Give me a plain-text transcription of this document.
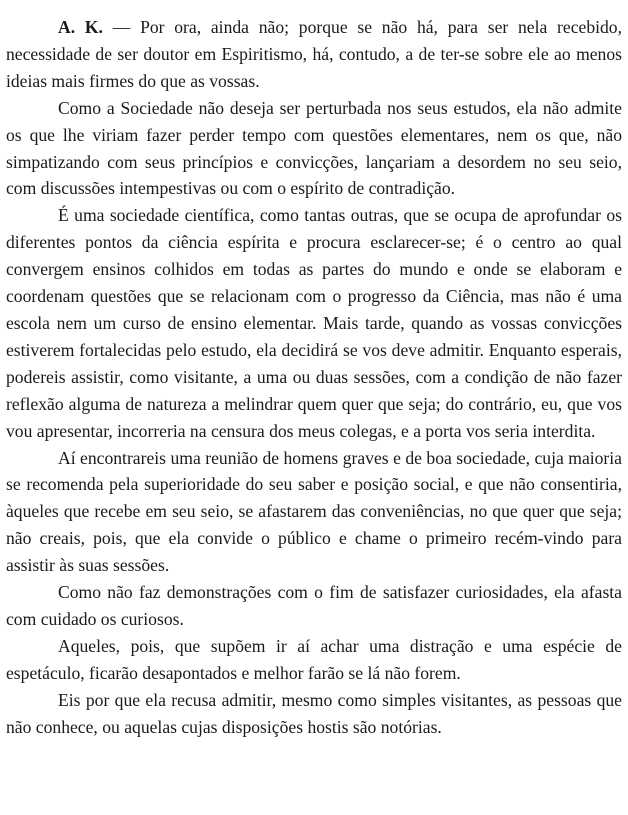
A. K. — Por ora, ainda não; porque se não há, para ser nela recebido, necessidade de ser doutor em Espiritismo, há, contudo, a de ter-se sobre ele ao menos ideias mais firmes do que as vossas.

Como a Sociedade não deseja ser perturbada nos seus estudos, ela não admite os que lhe viriam fazer perder tempo com questões elementares, nem os que, não simpatizando com seus princípios e convicções, lançariam a desordem no seu seio, com discussões intempestivas ou com o espírito de contradição.

É uma sociedade científica, como tantas outras, que se ocupa de aprofundar os diferentes pontos da ciência espírita e procura esclarecer-se; é o centro ao qual convergem ensinos colhidos em todas as partes do mundo e onde se elaboram e coordenam questões que se relacionam com o progresso da Ciência, mas não é uma escola nem um curso de ensino elementar. Mais tarde, quando as vossas convicções estiverem fortalecidas pelo estudo, ela decidirá se vos deve admitir. Enquanto esperais, podereis assistir, como visitante, a uma ou duas sessões, com a condição de não fazer reflexão alguma de natureza a melindrar quem quer que seja; do contrário, eu, que vos vou apresentar, incorreria na censura dos meus colegas, e a porta vos seria interdita.

Aí encontrareis uma reunião de homens graves e de boa sociedade, cuja maioria se recomenda pela superioridade do seu saber e posição social, e que não consentiria, àqueles que recebe em seu seio, se afastarem das conveniências, no que quer que seja; não creais, pois, que ela convide o público e chame o primeiro recém-vindo para assistir às suas sessões.

Como não faz demonstrações com o fim de satisfazer curiosidades, ela afasta com cuidado os curiosos.

Aqueles, pois, que supõem ir aí achar uma distração e uma espécie de espetáculo, ficarão desapontados e melhor farão se lá não forem.

Eis por que ela recusa admitir, mesmo como simples visitantes, as pessoas que não conhece, ou aquelas cujas disposições hostis são notórias.
